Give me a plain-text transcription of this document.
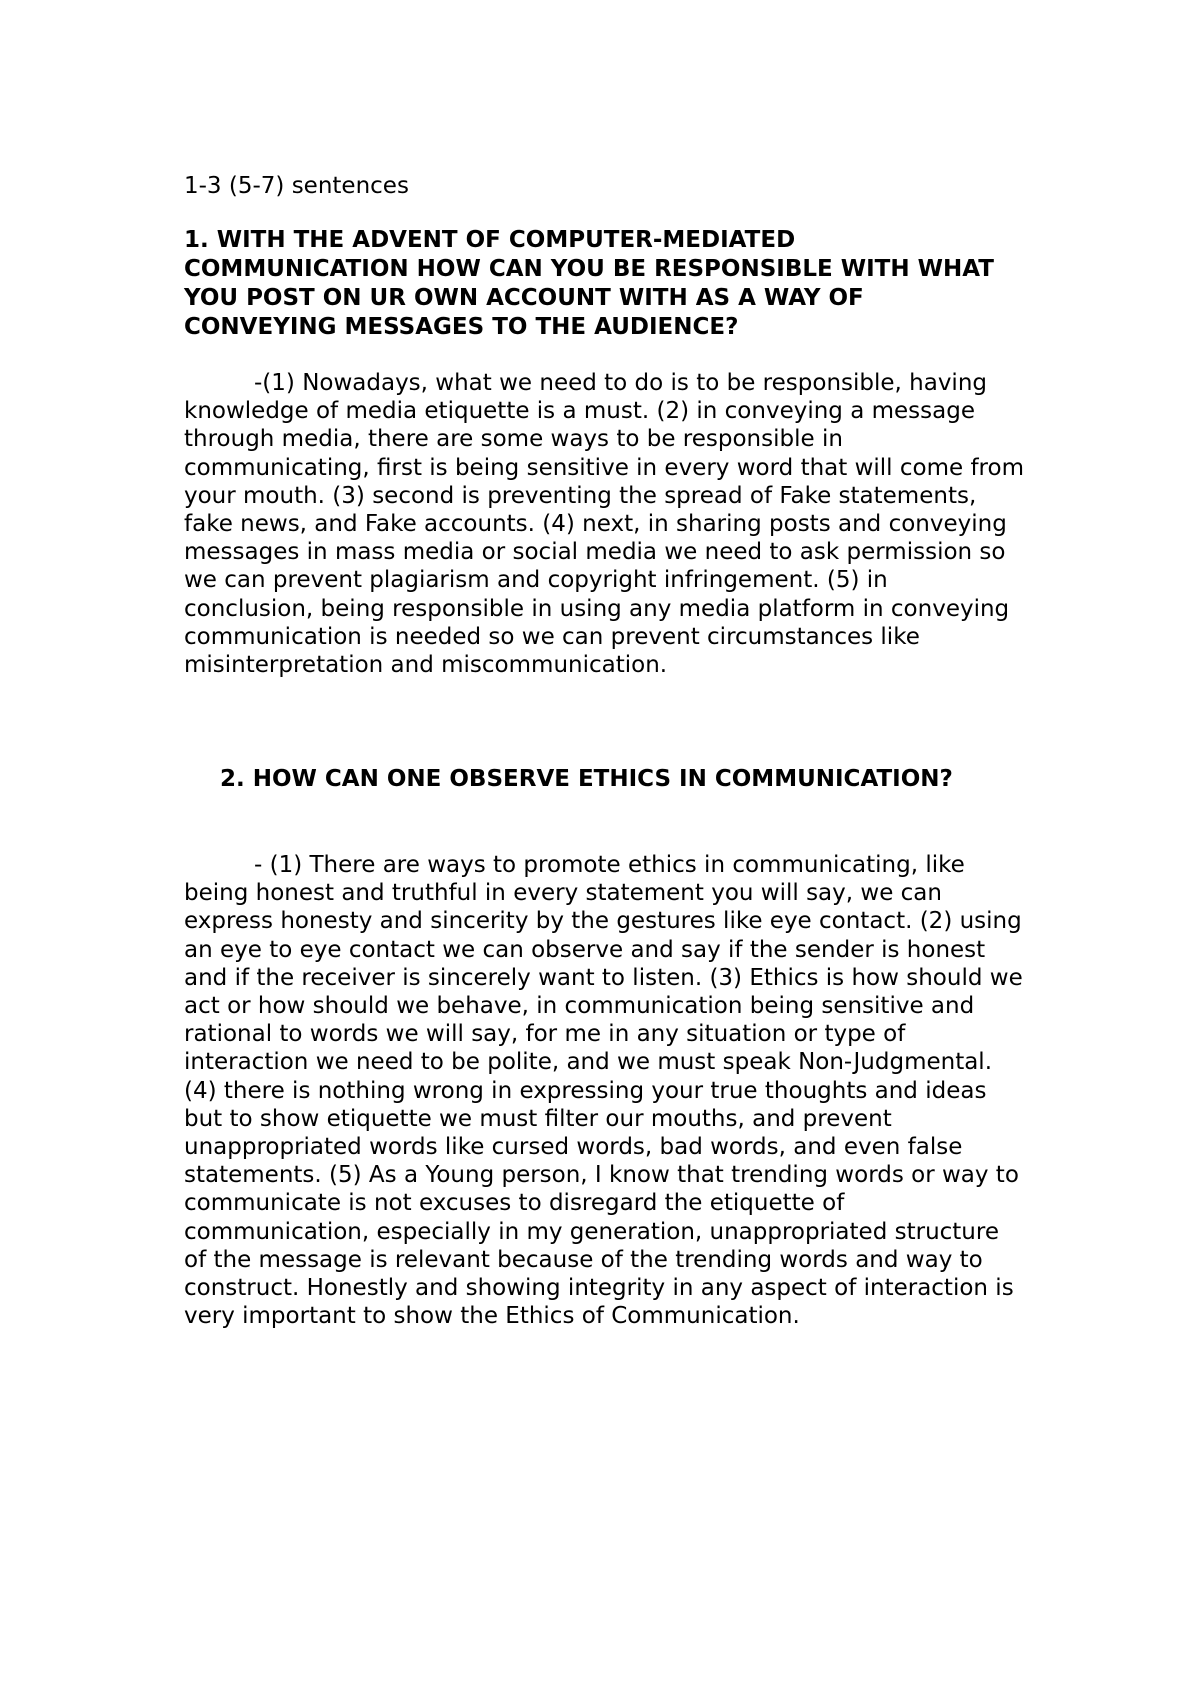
1-3 (5-7) sentences

1. WITH THE ADVENT OF COMPUTER-MEDIATED COMMUNICATION HOW CAN YOU BE RESPONSIBLE WITH WHAT YOU POST ON UR OWN ACCOUNT WITH AS A WAY OF CONVEYING MESSAGES TO THE AUDIENCE?

-(1) Nowadays, what we need to do is to be responsible, having knowledge of media etiquette is a must. (2) in conveying a message through media, there are some ways to be responsible in communicating, first is being sensitive in every word that will come from your mouth. (3) second is preventing the spread of Fake statements, fake news, and Fake accounts. (4) next, in sharing posts and conveying messages in mass media or social media we need to ask permission so we can prevent plagiarism and copyright infringement. (5) in conclusion, being responsible in using any media platform in conveying communication is needed so we can prevent circumstances like misinterpretation and miscommunication.

2. HOW CAN ONE OBSERVE ETHICS IN COMMUNICATION?

- (1) There are ways to promote ethics in communicating, like being honest and truthful in every statement you will say, we can express honesty and sincerity by the gestures like eye contact. (2) using an eye to eye contact we can observe and say if the sender is honest and if the receiver is sincerely want to listen. (3) Ethics is how should we act or how should we behave, in communication being sensitive and rational to words we will say, for me in any situation or type of interaction we need to be polite, and we must speak Non-Judgmental. (4) there is nothing wrong in expressing your true thoughts and ideas but to show etiquette we must filter our mouths, and prevent unappropriated words like cursed words, bad words, and even false statements. (5) As a Young person, I know that trending words or way to communicate is not excuses to disregard the etiquette of communication, especially in my generation, unappropriated structure of the message is relevant because of the trending words and way to construct. Honestly and showing integrity in any aspect of interaction is very important to show the Ethics of Communication.
